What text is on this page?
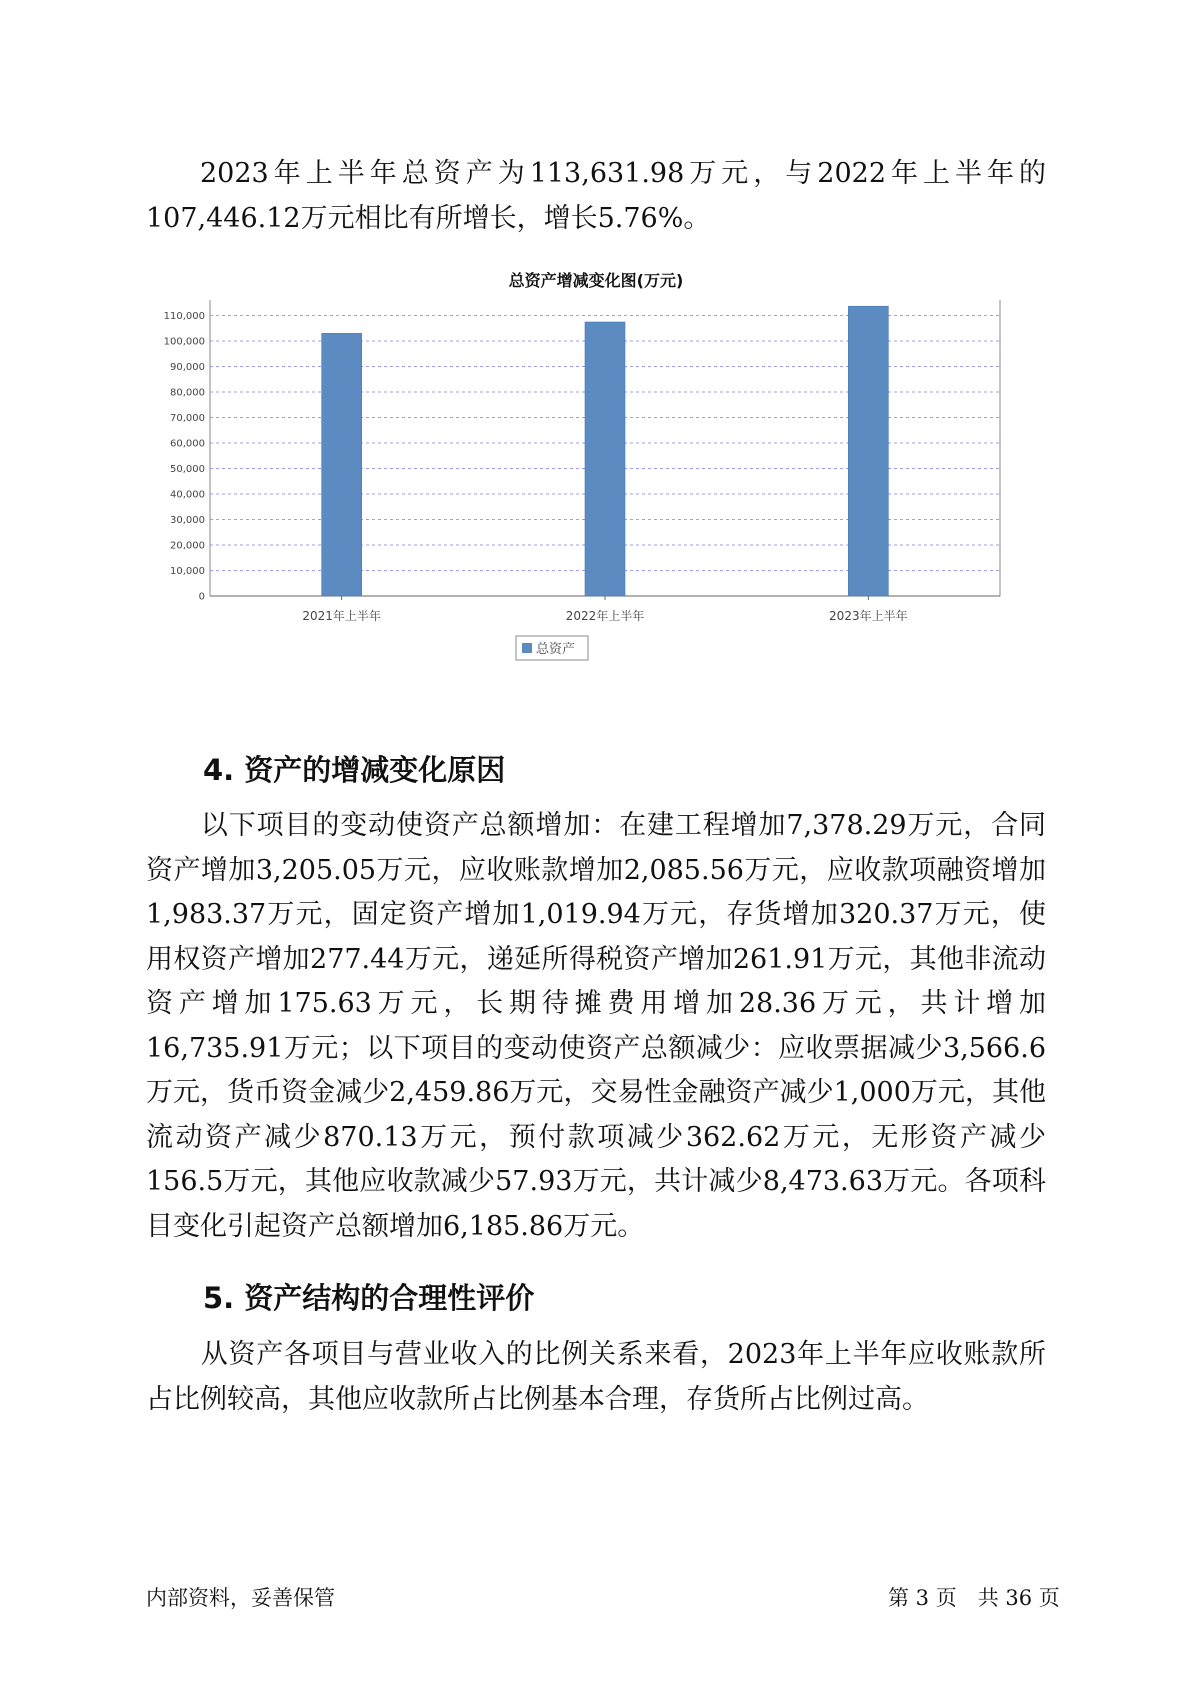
2023年上半年总资产为113,631.98万元，与2022年上半年的107,446.12万元相比有所增长，增长5.76%。

总资产增减变化图(万元)

0
10,000
20,000
30,000
40,000
50,000
60,000
70,000
80,000
90,000
100,000
110,000
2021年上半年	2022年上半年	2023年上半年
总资产
4. 资产的增减变化原因

以下项目的变动使资产总额增加：在建工程增加7,378.29万元，合同资产增加3,205.05万元，应收账款增加2,085.56万元，应收款项融资增加1,983.37万元，固定资产增加1,019.94万元，存货增加320.37万元，使用权资产增加277.44万元，递延所得税资产增加261.91万元，其他非流动资产增加175.63万元，长期待摊费用增加28.36万元，共计增加16,735.91万元；以下项目的变动使资产总额减少：应收票据减少3,566.6万元，货币资金减少2,459.86万元，交易性金融资产减少1,000万元，其他流动资产减少870.13万元，预付款项减少362.62万元，无形资产减少156.5万元，其他应收款减少57.93万元，共计减少8,473.63万元。各项科目变化引起资产总额增加6,185.86万元。

5. 资产结构的合理性评价

从资产各项目与营业收入的比例关系来看，2023年上半年应收账款所占比例较高，其他应收款所占比例基本合理，存货所占比例过高。

内部资料，妥善保管	第 3 页　共 36 页
